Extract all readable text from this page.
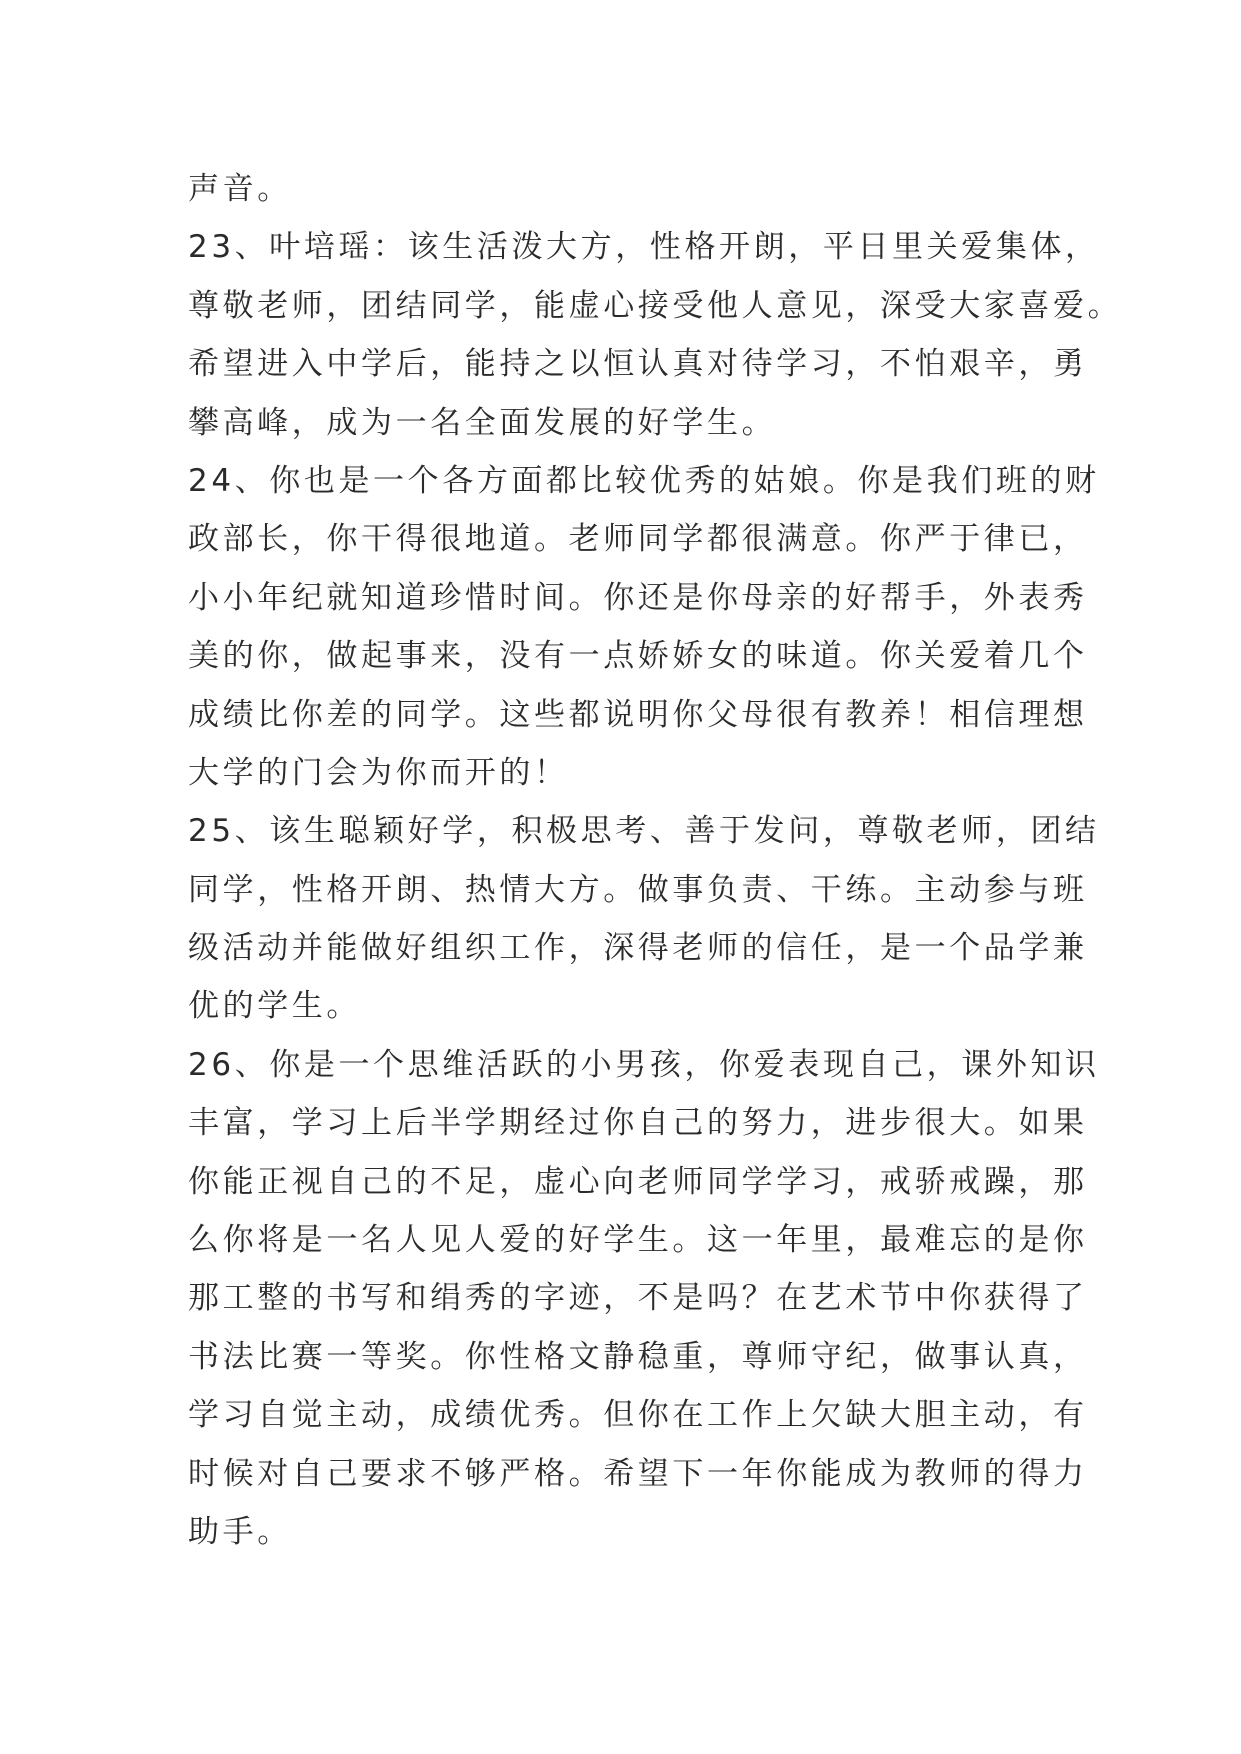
声音。
23、叶培瑶：该生活泼大方，性格开朗，平日里关爱集体，
尊敬老师，团结同学，能虚心接受他人意见，深受大家喜爱。
希望进入中学后，能持之以恒认真对待学习，不怕艰辛，勇
攀高峰，成为一名全面发展的好学生。
24、你也是一个各方面都比较优秀的姑娘。你是我们班的财
政部长，你干得很地道。老师同学都很满意。你严于律已，
小小年纪就知道珍惜时间。你还是你母亲的好帮手，外表秀
美的你，做起事来，没有一点娇娇女的味道。你关爱着几个
成绩比你差的同学。这些都说明你父母很有教养！相信理想
大学的门会为你而开的！
25、该生聪颖好学，积极思考、善于发问，尊敬老师，团结
同学，性格开朗、热情大方。做事负责、干练。主动参与班
级活动并能做好组织工作，深得老师的信任，是一个品学兼
优的学生。
26、你是一个思维活跃的小男孩，你爱表现自己，课外知识
丰富，学习上后半学期经过你自己的努力，进步很大。如果
你能正视自己的不足，虚心向老师同学学习，戒骄戒躁，那
么你将是一名人见人爱的好学生。这一年里，最难忘的是你
那工整的书写和绢秀的字迹，不是吗？在艺术节中你获得了
书法比赛一等奖。你性格文静稳重，尊师守纪，做事认真，
学习自觉主动，成绩优秀。但你在工作上欠缺大胆主动，有
时候对自己要求不够严格。希望下一年你能成为教师的得力
助手。
